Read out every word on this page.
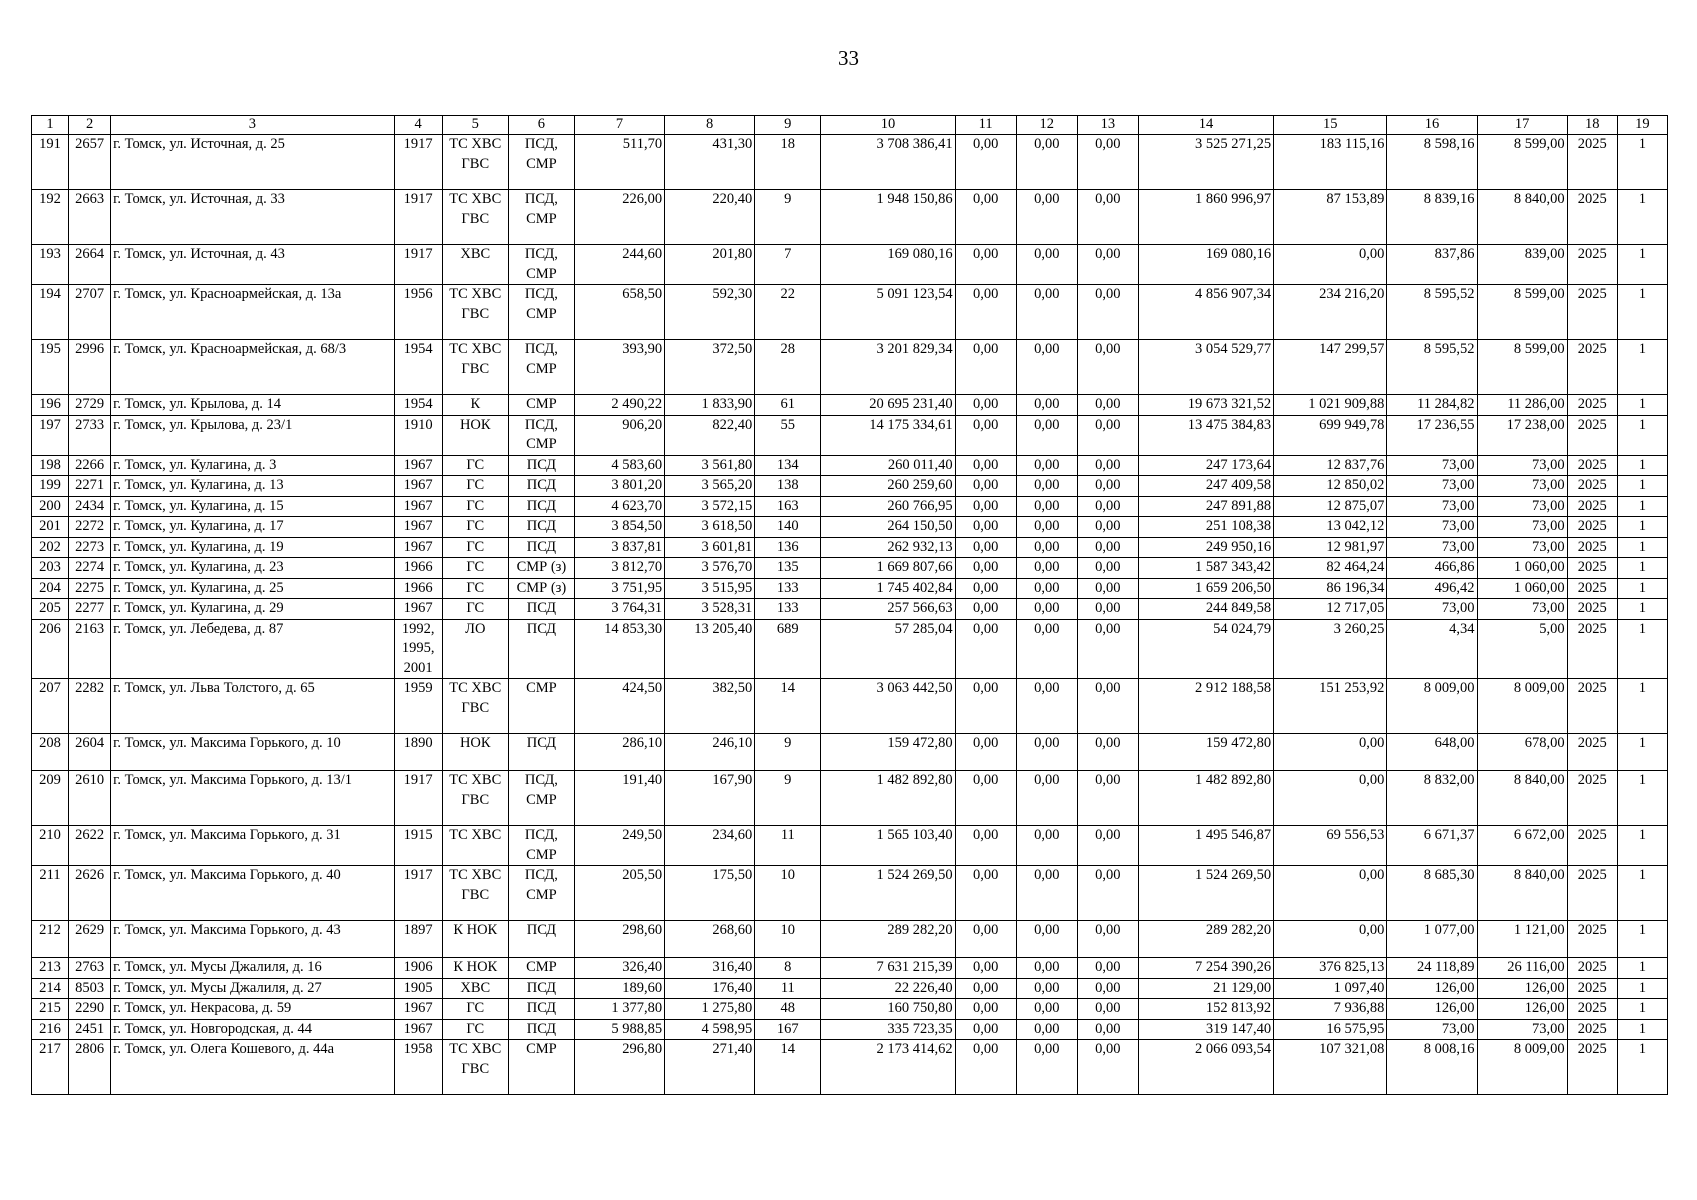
33
1	2	3	4	5	6	7	8	9	10	11	12	13	14	15	16	17	18	19
191	2657	г. Томск, ул. Источная, д. 25	1917	ТС ХВС ГВС	ПСД, СМР	511,70	431,30	18	3 708 386,41	0,00	0,00	0,00	3 525 271,25	183 115,16	8 598,16	8 599,00	2025	1
192	2663	г. Томск, ул. Источная, д. 33	1917	ТС ХВС ГВС	ПСД, СМР	226,00	220,40	9	1 948 150,86	0,00	0,00	0,00	1 860 996,97	87 153,89	8 839,16	8 840,00	2025	1
193	2664	г. Томск, ул. Источная, д. 43	1917	ХВС	ПСД, СМР	244,60	201,80	7	169 080,16	0,00	0,00	0,00	169 080,16	0,00	837,86	839,00	2025	1
194	2707	г. Томск, ул. Красноармейская, д. 13а	1956	ТС ХВС ГВС	ПСД, СМР	658,50	592,30	22	5 091 123,54	0,00	0,00	0,00	4 856 907,34	234 216,20	8 595,52	8 599,00	2025	1
195	2996	г. Томск, ул. Красноармейская, д. 68/3	1954	ТС ХВС ГВС	ПСД, СМР	393,90	372,50	28	3 201 829,34	0,00	0,00	0,00	3 054 529,77	147 299,57	8 595,52	8 599,00	2025	1
196	2729	г. Томск, ул. Крылова, д. 14	1954	К	СМР	2 490,22	1 833,90	61	20 695 231,40	0,00	0,00	0,00	19 673 321,52	1 021 909,88	11 284,82	11 286,00	2025	1
197	2733	г. Томск, ул. Крылова, д. 23/1	1910	НОК	ПСД, СМР	906,20	822,40	55	14 175 334,61	0,00	0,00	0,00	13 475 384,83	699 949,78	17 236,55	17 238,00	2025	1
198	2266	г. Томск, ул. Кулагина, д. 3	1967	ГС	ПСД	4 583,60	3 561,80	134	260 011,40	0,00	0,00	0,00	247 173,64	12 837,76	73,00	73,00	2025	1
199	2271	г. Томск, ул. Кулагина, д. 13	1967	ГС	ПСД	3 801,20	3 565,20	138	260 259,60	0,00	0,00	0,00	247 409,58	12 850,02	73,00	73,00	2025	1
200	2434	г. Томск, ул. Кулагина, д. 15	1967	ГС	ПСД	4 623,70	3 572,15	163	260 766,95	0,00	0,00	0,00	247 891,88	12 875,07	73,00	73,00	2025	1
201	2272	г. Томск, ул. Кулагина, д. 17	1967	ГС	ПСД	3 854,50	3 618,50	140	264 150,50	0,00	0,00	0,00	251 108,38	13 042,12	73,00	73,00	2025	1
202	2273	г. Томск, ул. Кулагина, д. 19	1967	ГС	ПСД	3 837,81	3 601,81	136	262 932,13	0,00	0,00	0,00	249 950,16	12 981,97	73,00	73,00	2025	1
203	2274	г. Томск, ул. Кулагина, д. 23	1966	ГС	СМР (з)	3 812,70	3 576,70	135	1 669 807,66	0,00	0,00	0,00	1 587 343,42	82 464,24	466,86	1 060,00	2025	1
204	2275	г. Томск, ул. Кулагина, д. 25	1966	ГС	СМР (з)	3 751,95	3 515,95	133	1 745 402,84	0,00	0,00	0,00	1 659 206,50	86 196,34	496,42	1 060,00	2025	1
205	2277	г. Томск, ул. Кулагина, д. 29	1967	ГС	ПСД	3 764,31	3 528,31	133	257 566,63	0,00	0,00	0,00	244 849,58	12 717,05	73,00	73,00	2025	1
206	2163	г. Томск, ул. Лебедева, д. 87	1992, 1995, 2001	ЛО	ПСД	14 853,30	13 205,40	689	57 285,04	0,00	0,00	0,00	54 024,79	3 260,25	4,34	5,00	2025	1
207	2282	г. Томск, ул. Льва Толстого, д. 65	1959	ТС ХВС ГВС	СМР	424,50	382,50	14	3 063 442,50	0,00	0,00	0,00	2 912 188,58	151 253,92	8 009,00	8 009,00	2025	1
208	2604	г. Томск, ул. Максима Горького, д. 10	1890	НОК	ПСД	286,10	246,10	9	159 472,80	0,00	0,00	0,00	159 472,80	0,00	648,00	678,00	2025	1
209	2610	г. Томск, ул. Максима Горького, д. 13/1	1917	ТС ХВС ГВС	ПСД, СМР	191,40	167,90	9	1 482 892,80	0,00	0,00	0,00	1 482 892,80	0,00	8 832,00	8 840,00	2025	1
210	2622	г. Томск, ул. Максима Горького, д. 31	1915	ТС ХВС	ПСД, СМР	249,50	234,60	11	1 565 103,40	0,00	0,00	0,00	1 495 546,87	69 556,53	6 671,37	6 672,00	2025	1
211	2626	г. Томск, ул. Максима Горького, д. 40	1917	ТС ХВС ГВС	ПСД, СМР	205,50	175,50	10	1 524 269,50	0,00	0,00	0,00	1 524 269,50	0,00	8 685,30	8 840,00	2025	1
212	2629	г. Томск, ул. Максима Горького, д. 43	1897	К НОК	ПСД	298,60	268,60	10	289 282,20	0,00	0,00	0,00	289 282,20	0,00	1 077,00	1 121,00	2025	1
213	2763	г. Томск, ул. Мусы Джалиля, д. 16	1906	К НОК	СМР	326,40	316,40	8	7 631 215,39	0,00	0,00	0,00	7 254 390,26	376 825,13	24 118,89	26 116,00	2025	1
214	8503	г. Томск, ул. Мусы Джалиля, д. 27	1905	ХВС	ПСД	189,60	176,40	11	22 226,40	0,00	0,00	0,00	21 129,00	1 097,40	126,00	126,00	2025	1
215	2290	г. Томск, ул. Некрасова, д. 59	1967	ГС	ПСД	1 377,80	1 275,80	48	160 750,80	0,00	0,00	0,00	152 813,92	7 936,88	126,00	126,00	2025	1
216	2451	г. Томск, ул. Новгородская, д. 44	1967	ГС	ПСД	5 988,85	4 598,95	167	335 723,35	0,00	0,00	0,00	319 147,40	16 575,95	73,00	73,00	2025	1
217	2806	г. Томск, ул. Олега Кошевого, д. 44а	1958	ТС ХВС ГВС	СМР	296,80	271,40	14	2 173 414,62	0,00	0,00	0,00	2 066 093,54	107 321,08	8 008,16	8 009,00	2025	1
